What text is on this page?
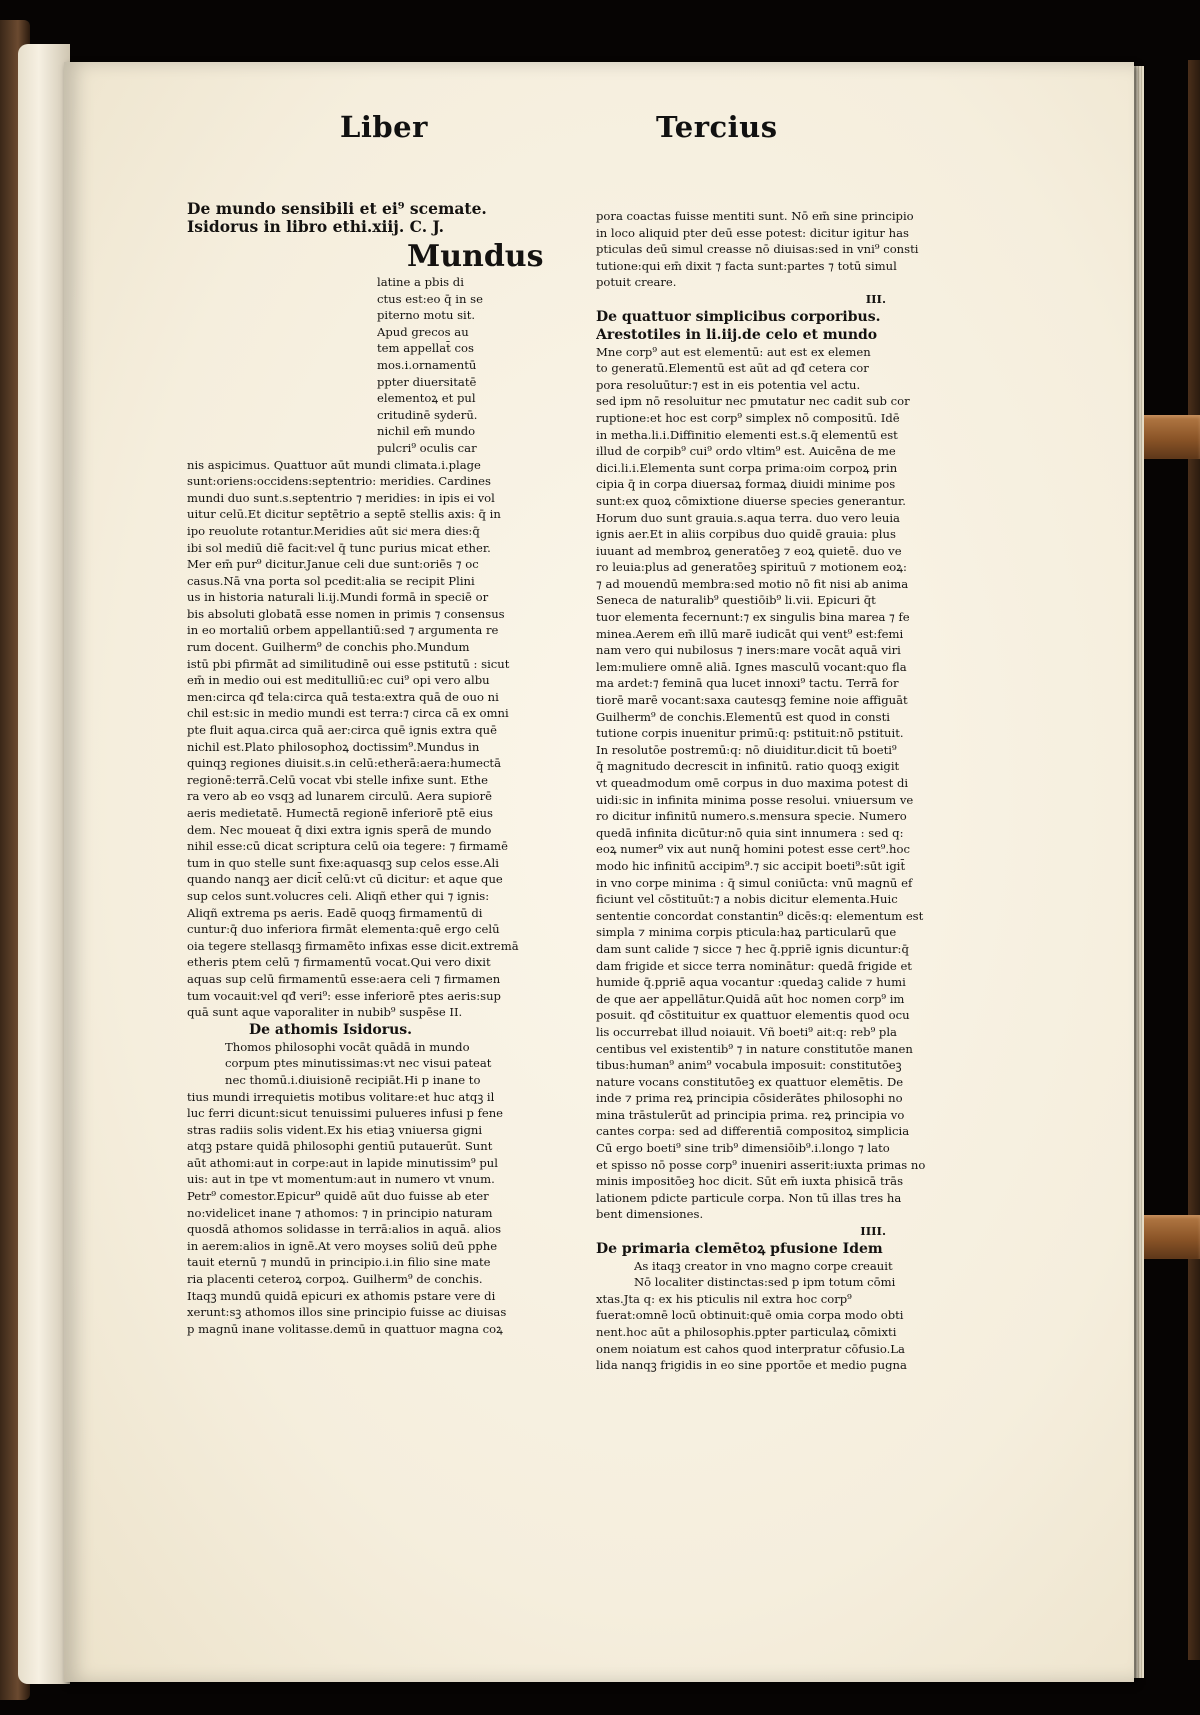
Liber	Tercius
De mundo sensibili et ei⁹ scemate.
Isidorus in libro ethi.xiij. C. J.
Mundus
latine a pbis di
ctus est:eo q̄ in se
piterno motu sit.
Apud grecos au
tem appellat̄ cos
mos.i.ornamentū
ppter diuersitatē
elementoꝝ et pul
critudinē syderū.
nichil em̄ mundo
pulcri⁹ oculis car
nis aspicimus. Quattuor aūt mundi climata.i.plage
sunt:oriens:occidens:septentrio: meridies. Cardines
mundi duo sunt.s.septentrio ⁊ meridies: in ipis ei vol
uitur celū.Et dicitur septētrio a septē stellis axis: q̄ in
ipo reuolute rotantur.Meridies aūt sicͥ mera dies:q̄
ibi sol mediū diē facit:vel q̄ tunc purius micat ether.
Mer em̄ pur⁹ dicitur.Janue celi due sunt:oriēs ⁊ oc
casus.Nā vna porta sol pcedit:alia se recipit Plini
us in historia naturali li.ij.Mundi formā in speciē or
bis absoluti globatā esse nomen in primis ⁊ consensus
in eo mortaliū orbem appellantiū:sed ⁊ argumenta re
rum docent. Guilherm⁹ de conchis pho.Mundum
istū pbi pfirmāt ad similitudinē oui esse pstitutū : sicut
em̄ in medio oui est meditulliū:ec cui⁹ opi vero albu
men:circa qđ tela:circa quā testa:extra quā de ouo ni
chil est:sic in medio mundi est terra:⁊ circa cā ex omni
pte fluit aqua.circa quā aer:circa quē ignis extra quē
nichil est.Plato philosophoꝝ doctissim⁹.Mundus in
quinqꝫ regiones diuisit.s.in celū:etherā:aera:humectā
regionē:terrā.Celū vocat vbi stelle infixe sunt. Ethe
ra vero ab eo vsqꝫ ad lunarem circulū. Aera supiorē
aeris medietatē. Humectā regionē inferiorē ptē eius
dem. Nec moueat q̄ dixi extra ignis sperā de mundo
nihil esse:cū dicat scriptura celū oia tegere: ⁊ firmamē
tum in quo stelle sunt fixe:aquasqꝫ sup celos esse.Ali
quando nanqꝫ aer dicit̄ celū:vt cū dicitur: et aque que
sup celos sunt.volucres celi. Aliqñ ether qui ⁊ ignis:
Aliqñ extrema ps aeris. Eadē quoqꝫ firmamentū di
cuntur:q̄ duo inferiora firmāt elementa:quē ergo celū
oia tegere stellasqꝫ firmamēto infixas esse dicit.extremā
etheris ptem celū ⁊ firmamentū vocat.Qui vero dixit
aquas sup celū firmamentū esse:aera celi ⁊ firmamen
tum vocauit:vel qđ veri⁹: esse inferiorē ptes aeris:sup
quā sunt aque vaporaliter in nubib⁹ suspēse II.
De athomis Isidorus.
Thomos philosophi vocāt quādā in mundo
corpum ptes minutissimas:vt nec visui pateat
nec thomū.i.diuisionē recipiāt.Hi p inane to
tius mundi irrequietis motibus volitare:et huc atqꝫ il
luc ferri dicunt:sicut tenuissimi pulueres infusi p fene
stras radiis solis vident.Ex his etiaꝫ vniuersa gigni
atqꝫ pstare quidā philosophi gentiū putauerūt. Sunt
aūt athomi:aut in corpe:aut in lapide minutissim⁹ pul
uis: aut in tpe vt momentum:aut in numero vt vnum.
Petr⁹ comestor.Epicur⁹ quidē aūt duo fuisse ab eter
no:videlicet inane ⁊ athomos: ⁊ in principio naturam
quosdā athomos solidasse in terrā:alios in aquā. alios
in aerem:alios in ignē.At vero moyses soliū deū pphe
tauit eternū ⁊ mundū in principio.i.in filio sine mate
ria placenti ceteroꝝ corpoꝝ. Guilherm⁹ de conchis.
Itaqꝫ mundū quidā epicuri ex athomis pstare vere di
xerunt:sꝫ athomos illos sine principio fuisse ac diuisas
p magnū inane volitasse.demū in quattuor magna coꝝ
pora coactas fuisse mentiti sunt. Nō em̄ sine principio
in loco aliquid pter deū esse potest: dicitur igitur has
pticulas deū simul creasse nō diuisas:sed in vni⁹ consti
tutione:qui em̄ dixit ⁊ facta sunt:partes ⁊ totū simul
potuit creare.
III.
De quattuor simplicibus corporibus.
Arestotiles in li.iij.de celo et mundo
Mne corp⁹ aut est elementū: aut est ex elemen
to generatū.Elementū est aūt ad qđ cetera cor
pora resoluūtur:⁊ est in eis potentia vel actu.
sed ipm nō resoluitur nec pmutatur nec cadit sub cor
ruptione:et hoc est corp⁹ simplex nō compositū. Idē
in metha.li.i.Diffinitio elementi est.s.q̄ elementū est
illud de corpib⁹ cui⁹ ordo vltim⁹ est. Auicēna de me
dici.li.i.Elementa sunt corpa prima:oim corpoꝝ prin
cipia q̄ in corpa diuersaꝝ formaꝝ diuidi minime pos
sunt:ex quoꝝ cōmixtione diuerse species generantur.
Horum duo sunt grauia.s.aqua terra. duo vero leuia
ignis aer.Et in aliis corpibus duo quidē grauia: plus
iuuant ad membroꝝ generatōeꝫ ⁊ eoꝝ quietē. duo ve
ro leuia:plus ad generatōeꝫ spirituū ⁊ motionem eoꝝ:
⁊ ad mouendū membra:sed motio nō fit nisi ab anima
Seneca de naturalib⁹ questiōib⁹ li.vii. Epicuri q̄t
tuor elementa fecernunt:⁊ ex singulis bina marea ⁊ fe
minea.Aerem em̄ illū marē iudicāt qui vent⁹ est:femi
nam vero qui nubilosus ⁊ iners:mare vocāt aquā viri
lem:muliere omnē aliā. Ignes masculū vocant:quo fla
ma ardet:⁊ feminā qua lucet innoxi⁹ tactu. Terrā for
tiorē marē vocant:saxa cautesqꝫ femine noie affiguāt
Guilherm⁹ de conchis.Elementū est quod in consti
tutione corpis inuenitur primū:q: pstituit:nō pstituit.
In resolutōe postremū:q: nō diuiditur.dicit tū boeti⁹
q̄ magnitudo decrescit in infinitū. ratio quoqꝫ exigit
vt queadmodum omē corpus in duo maxima potest di
uidi:sic in infinita minima posse resolui. vniuersum ve
ro dicitur infinitū numero.s.mensura specie. Numero
quedā infinita dicūtur:nō quia sint innumera : sed q:
eoꝝ numer⁹ vix aut nunq̄ homini potest esse cert⁹.hoc
modo hic infinitū accipim⁹.⁊ sic accipit boeti⁹:sūt igit̄
in vno corpe minima : q̄ simul coniūcta: vnū magnū ef
ficiunt vel cōstituūt:⁊ a nobis dicitur elementa.Huic
sententie concordat constantin⁹ dicēs:q: elementum est
simpla ⁊ minima corpis pticula:haꝝ particularū que
dam sunt calide ⁊ sicce ⁊ hec q̄.ppriē ignis dicuntur:q̄
dam frigide et sicce terra nominātur: quedā frigide et
humide q̄.ppriē aqua vocantur :quedaꝫ calide ⁊ humi
de que aer appellātur.Quidā aūt hoc nomen corp⁹ im
posuit. qđ cōstituitur ex quattuor elementis quod ocu
lis occurrebat illud noiauit. Vñ boeti⁹ ait:q: reb⁹ pla
centibus vel existentib⁹ ⁊ in nature constitutōe manen
tibus:human⁹ anim⁹ vocabula imposuit: constitutōeꝫ
nature vocans constitutōeꝫ ex quattuor elemētis. De
inde ⁊ prima reꝝ principia cōsiderātes philosophi no
mina trāstulerūt ad principia prima. reꝝ principia vo
cantes corpa: sed ad differentiā compositoꝝ simplicia
Cū ergo boeti⁹ sine trib⁹ dimensiōib⁹.i.longo ⁊ lato
et spisso nō posse corp⁹ inueniri asserit:iuxta primas no
minis impositōeꝫ hoc dicit. Sūt em̄ iuxta phisicā trās
lationem pdicte particule corpa. Non tū illas tres ha
bent dimensiones.
IIII.
De primaria clemētoꝝ pfusione Idem
As itaqꝫ creator in vno magno corpe creauit
Nō localiter distinctas:sed p ipm totum cōmi
xtas.Jta q: ex his pticulis nil extra hoc corp⁹
fuerat:omnē locū obtinuit:quē omia corpa modo obti
nent.hoc aūt a philosophis.ppter particulaꝝ cōmixti
onem noiatum est cahos quod interpratur cōfusio.La
lida nanqꝫ frigidis in eo sine pportōe et medio pugna
